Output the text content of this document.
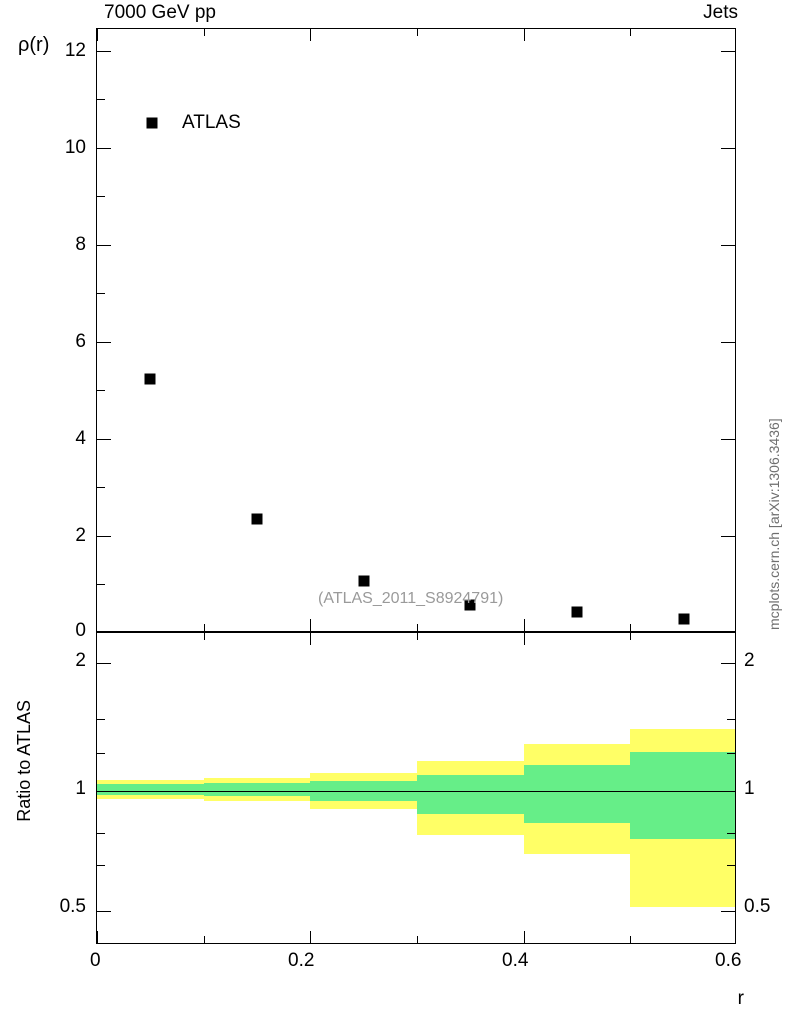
7000 GeV pp	Jets
mcplots.cern.ch [arXiv:1306.3436]
ρ(r)
Ratio to ATLAS
r
ATLAS
(ATLAS_2011_S8924791)
0
2
4
6
8
10
12
2
1
0.5
2
1
0.5
0	0.2	0.4	0.6
